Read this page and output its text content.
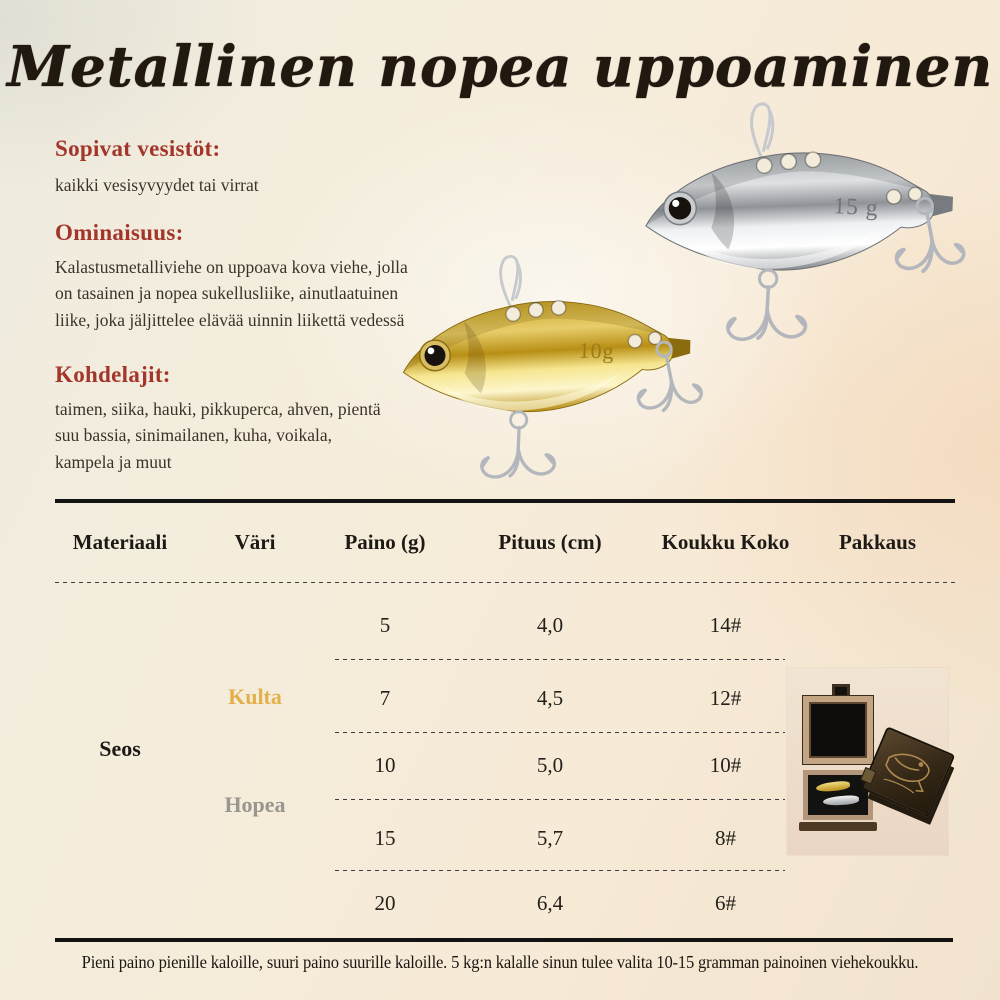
Metallinen nopea uppoaminen
Sopivat vesistöt:
kaikki vesisyvyydet tai virrat
Ominaisuus:
Kalastusmetalliviehe on uppoava kova viehe, jolla on tasainen ja nopea sukellusliike, ainutlaatuinen liike, joka jäljittelee elävää uinnin liikettä vedessä
Kohdelajit:
taimen, siika, hauki, pikkuperca, ahven, pientä suu bassia, sinimailanen, kuha, voikala, kampela ja muut
15 g
10g
Materiaali	Väri	Paino (g)	Pituus (cm)	Koukku Koko	Pakkaus
Seos
Kulta
Hopea
5	4,0	14#
7	4,5	12#
10	5,0	10#
15	5,7	8#
20	6,4	6#
Pieni paino pienille kaloille, suuri paino suurille kaloille. 5 kg:n kalalle sinun tulee valita 10-15 gramman painoinen viehekoukku.
